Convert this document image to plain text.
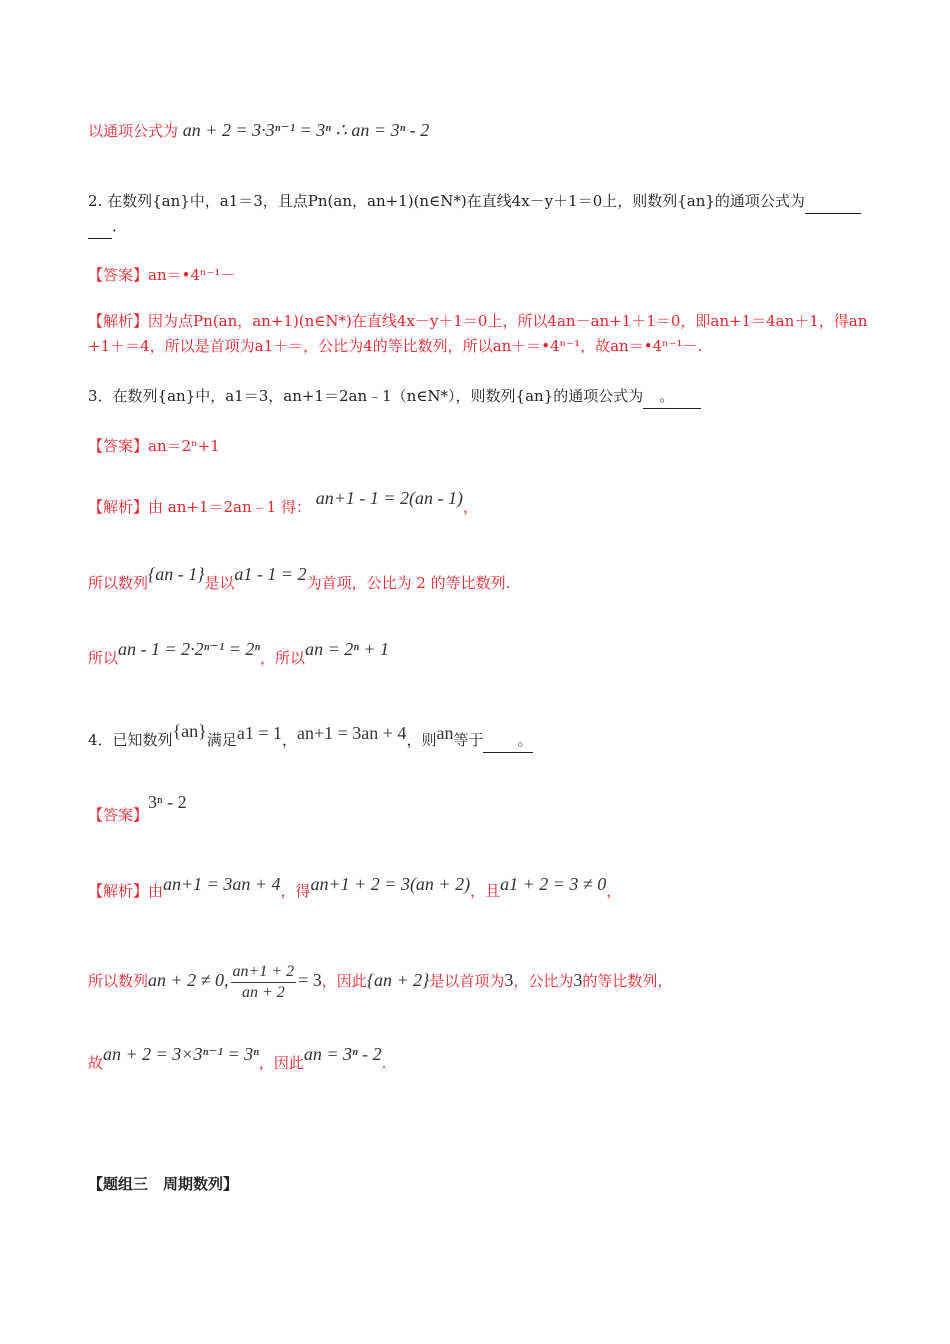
以通项公式为 an + 2 = 3·3ⁿ⁻¹ = 3ⁿ ∴ an = 3ⁿ - 2
2. 在数列{an}中，a1＝3，且点Pn(an，an+1)(n∈N*)在直线4x－y＋1＝0上，则数列{an}的通项公式为
．
【答案】an＝•4ⁿ⁻¹－
【解析】因为点Pn(an，an+1)(n∈N*)在直线4x－y＋1＝0上，所以4an－an+1＋1＝0，即an+1＝4an＋1，得an
+1＋＝4，所以是首项为a1＋＝，公比为4的等比数列，所以an＋＝•4ⁿ⁻¹，故an＝•4ⁿ⁻¹－.
3．在数列{an}中，a1＝3，an+1＝2an﹣1（n∈N*），则数列{an}的通项公式为 。
【答案】an＝2ⁿ+1
【解析】由 an+1＝2an﹣1 得： an+1 - 1 = 2(an - 1)，
所以数列{an - 1}是以a1 - 1 = 2为首项，公比为 2 的等比数列.
所以an - 1 = 2·2ⁿ⁻¹ = 2ⁿ，所以an = 2ⁿ + 1
4．已知数列{an}满足a1 = 1，an+1 = 3an + 4，则an等于 。
【答案】3ⁿ - 2
【解析】由an+1 = 3an + 4，得an+1 + 2 = 3(an + 2)，且a1 + 2 = 3 ≠ 0，
所以数列an + 2 ≠ 0, $\frac{an+1 + 2}{an + 2} = 3$，因此{an + 2}是以首项为3，公比为3的等比数列，
故an + 2 = 3×3ⁿ⁻¹ = 3ⁿ，因此an = 3ⁿ - 2.
【题组三　周期数列】
